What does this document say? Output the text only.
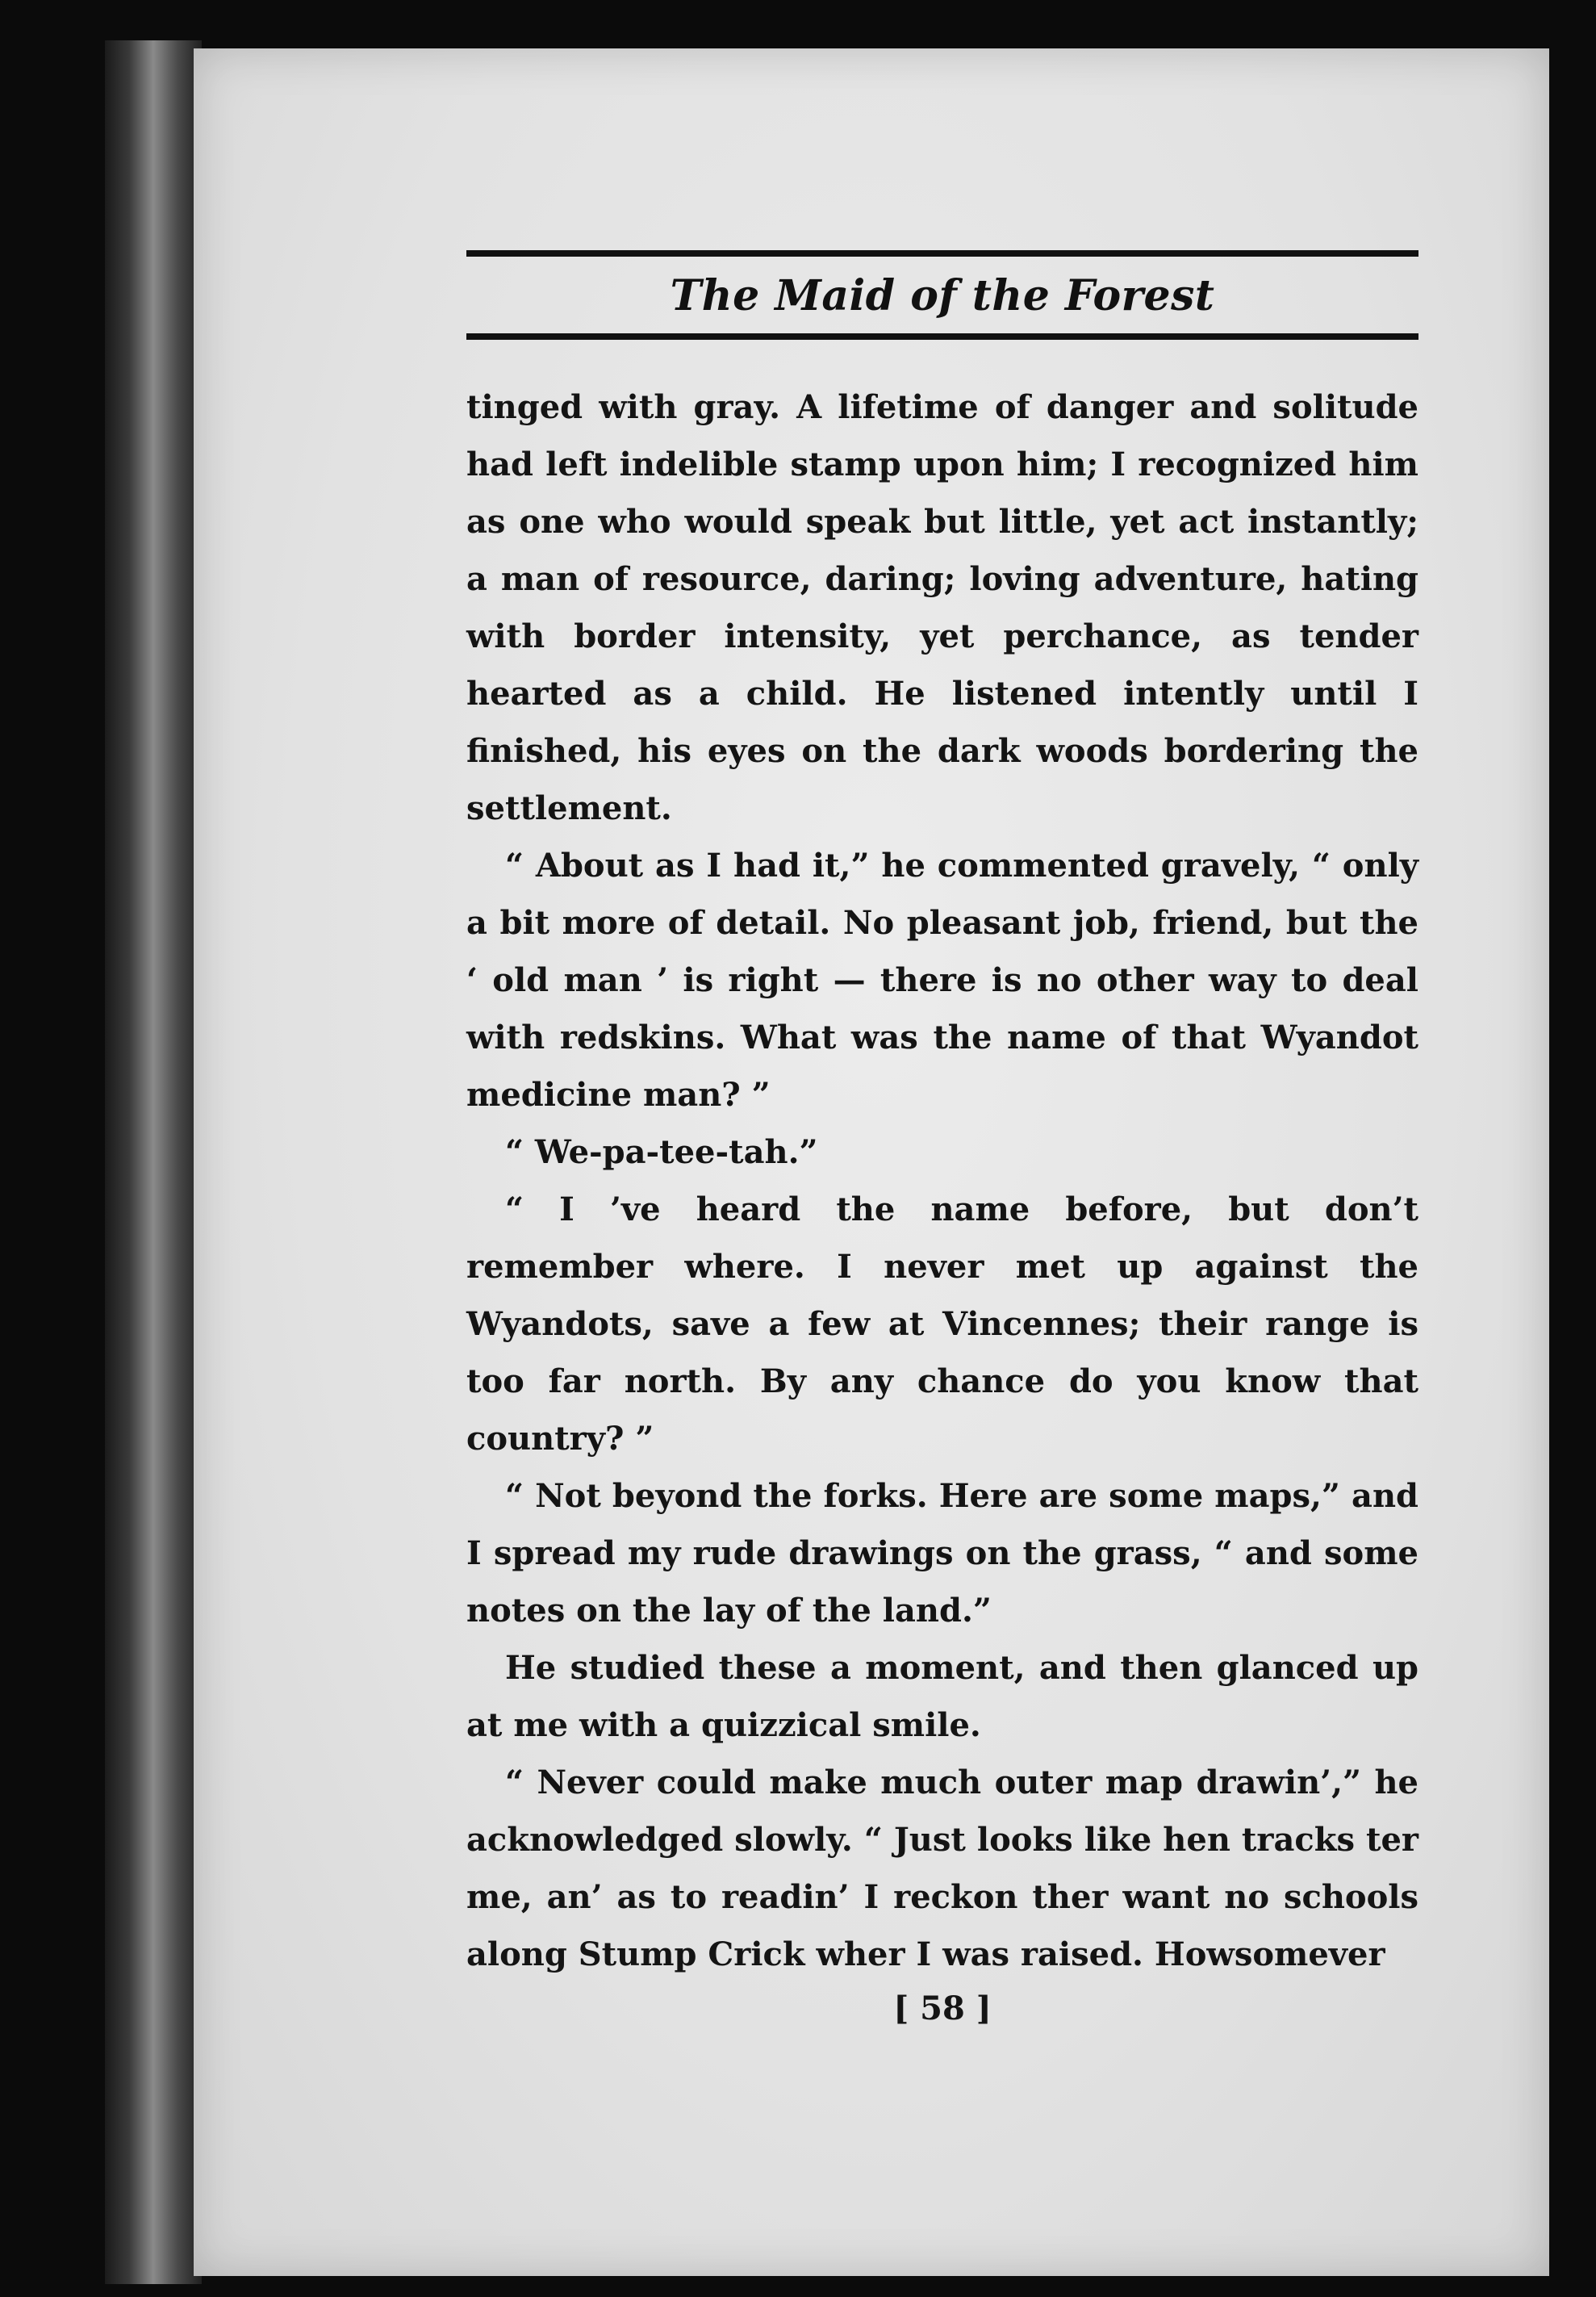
The Maid of the Forest

tinged with gray. A lifetime of danger and solitude had left indelible stamp upon him; I recognized him as one who would speak but little, yet act instantly; a man of resource, daring; loving adventure, hating with border intensity, yet perchance, as tender hearted as a child. He listened intently until I finished, his eyes on the dark woods bordering the settlement.

“ About as I had it,” he commented gravely, “ only a bit more of detail. No pleasant job, friend, but the ‘ old man ’ is right — there is no other way to deal with redskins. What was the name of that Wyandot medicine man? ”

“ We-pa-tee-tah.”

“ I ’ve heard the name before, but don’t remember where. I never met up against the Wyandots, save a few at Vincennes; their range is too far north. By any chance do you know that country? ”

“ Not beyond the forks. Here are some maps,” and I spread my rude drawings on the grass, “ and some notes on the lay of the land.”

He studied these a moment, and then glanced up at me with a quizzical smile.

“ Never could make much outer map drawin’,” he acknowledged slowly. “ Just looks like hen tracks ter me, an’ as to readin’ I reckon ther want no schools along Stump Crick wher I was raised. Howsomever

[ 58 ]
